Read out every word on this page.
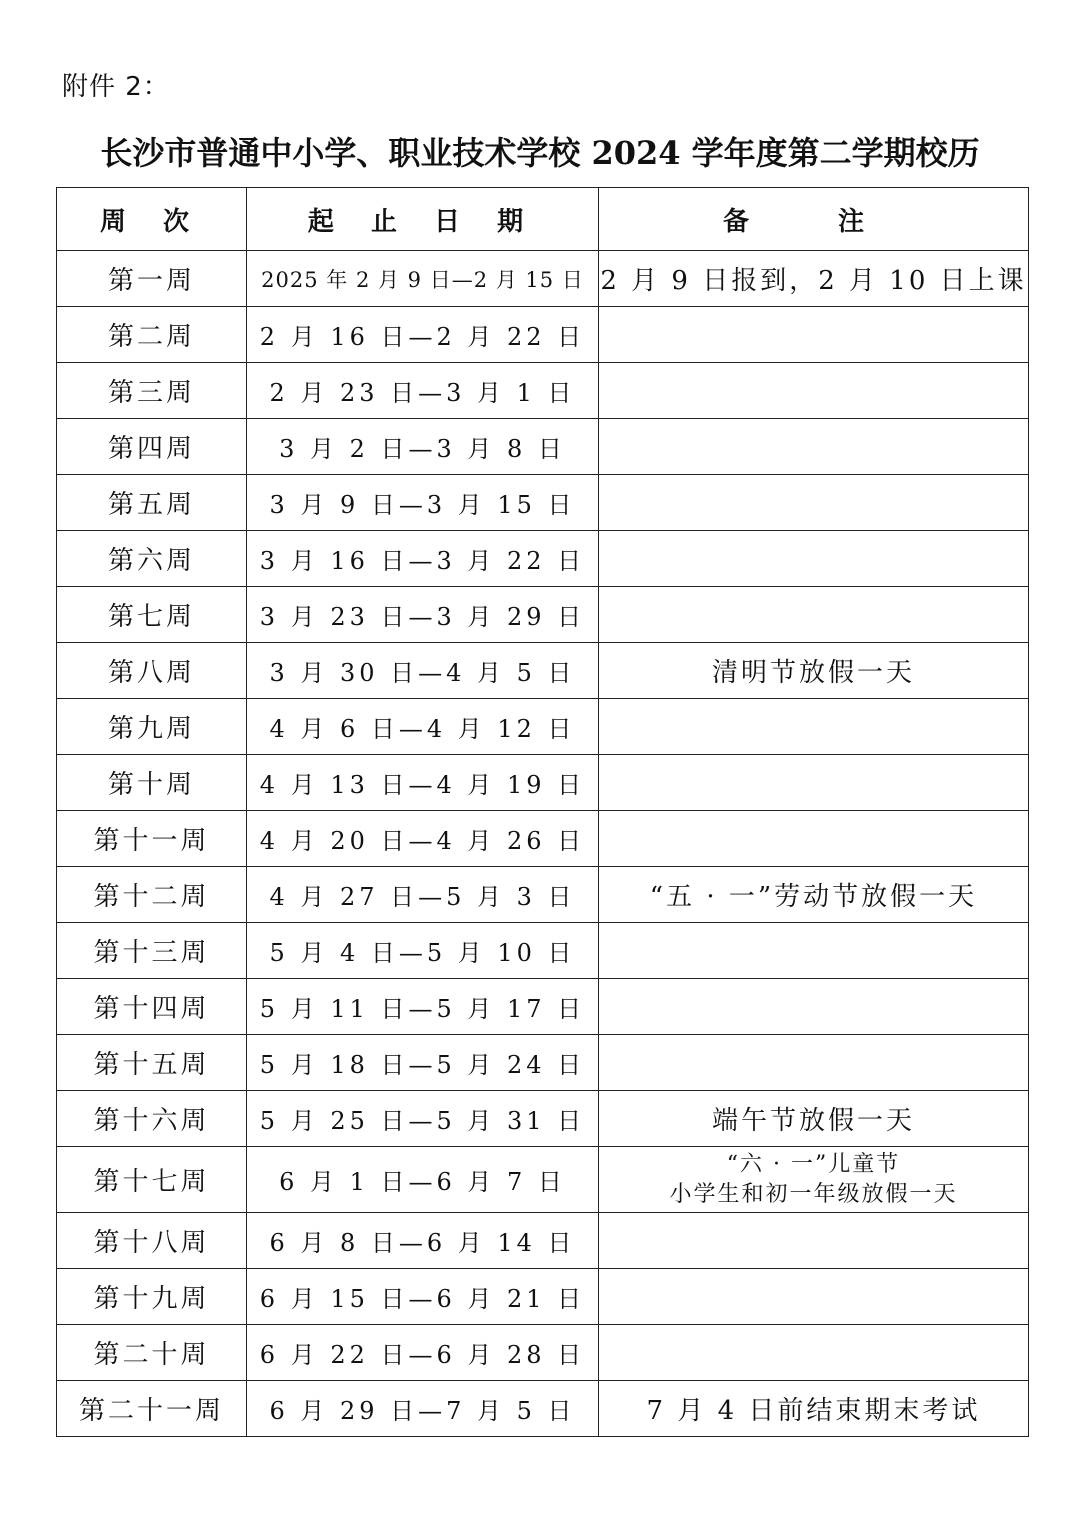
附件 2：
长沙市普通中小学、职业技术学校 2024 学年度第二学期校历
周 次	起 止 日 期	备 注
第一周	2025 年 2 月 9 日—2 月 15 日	2 月 9 日报到，2 月 10 日上课
第二周	2 月 16 日—2 月 22 日	
第三周	2 月 23 日—3 月 1 日	
第四周	3 月 2 日—3 月 8 日	
第五周	3 月 9 日—3 月 15 日	
第六周	3 月 16 日—3 月 22 日	
第七周	3 月 23 日—3 月 29 日	
第八周	3 月 30 日—4 月 5 日	清明节放假一天
第九周	4 月 6 日—4 月 12 日	
第十周	4 月 13 日—4 月 19 日	
第十一周	4 月 20 日—4 月 26 日	
第十二周	4 月 27 日—5 月 3 日	“五 · 一”劳动节放假一天
第十三周	5 月 4 日—5 月 10 日	
第十四周	5 月 11 日—5 月 17 日	
第十五周	5 月 18 日—5 月 24 日	
第十六周	5 月 25 日—5 月 31 日	端午节放假一天
第十七周	6 月 1 日—6 月 7 日	“六 · 一”儿童节
小学生和初一年级放假一天

第十八周	6 月 8 日—6 月 14 日	
第十九周	6 月 15 日—6 月 21 日	
第二十周	6 月 22 日—6 月 28 日	
第二十一周	6 月 29 日—7 月 5 日	7 月 4 日前结束期末考试
